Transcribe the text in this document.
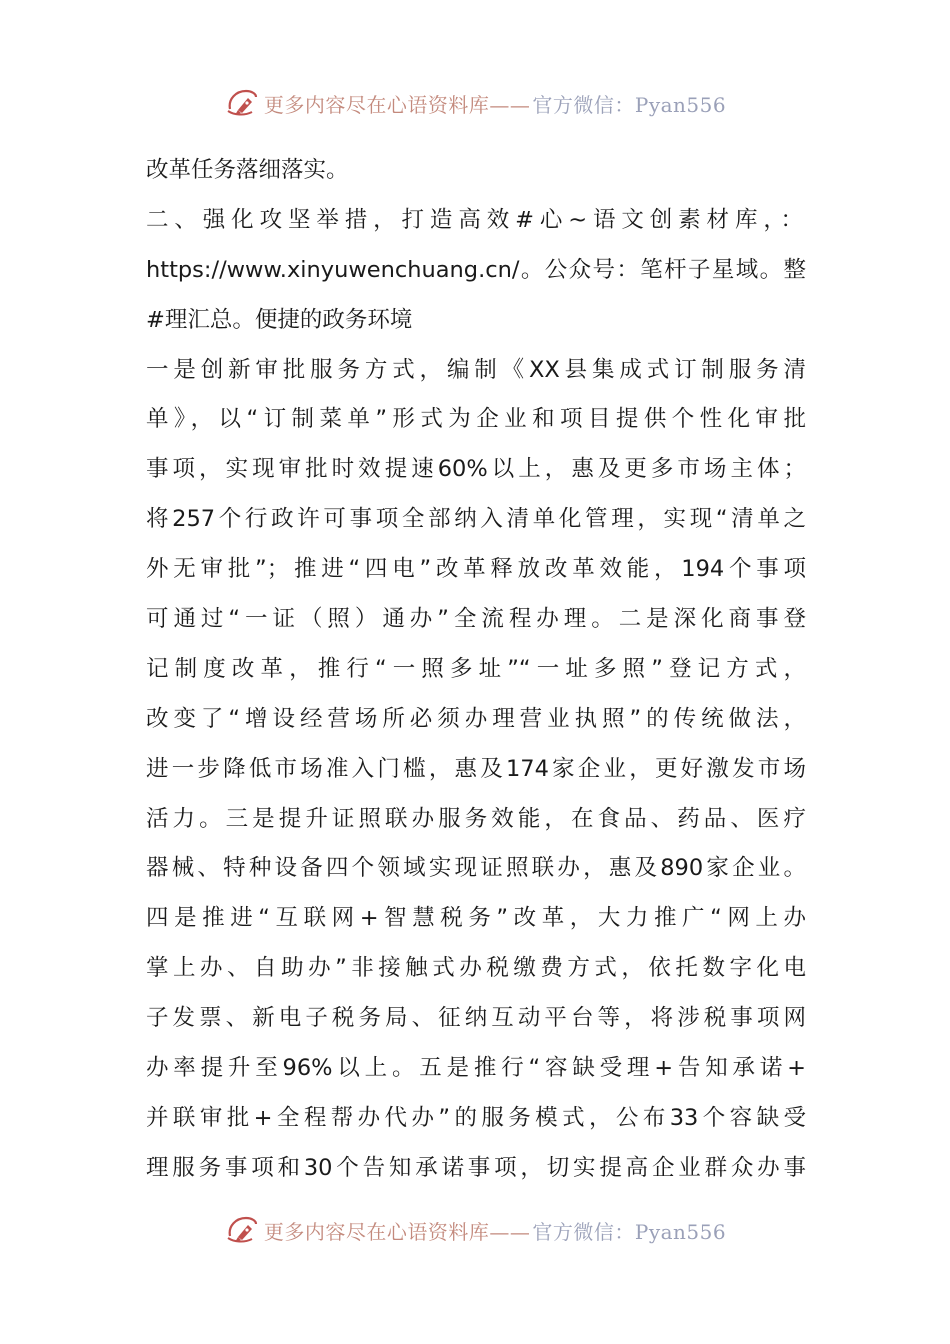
更多内容尽在心语资料库—— 官方微信：Pyan556
改革任务落细落实。
二、强化攻坚举措，打造高效#心~语文创素材库，：
https://www.xinyuwenchuang.cn/。公众号：笔杆子星域。整
#理汇总。便捷的政务环境
一是创新审批服务方式，编制《XX县集成式订制服务清
单》，以“订制菜单”形式为企业和项目提供个性化审批
事项，实现审批时效提速60%以上，惠及更多市场主体；
将257个行政许可事项全部纳入清单化管理，实现“清单之
外无审批”；推进“四电”改革释放改革效能，194个事项
可通过“一证（照）通办”全流程办理。二是深化商事登
记制度改革，推行“一照多址”“一址多照”登记方式，
改变了“增设经营场所必须办理营业执照”的传统做法，
进一步降低市场准入门槛，惠及174家企业，更好激发市场
活力。三是提升证照联办服务效能，在食品、药品、医疗
器械、特种设备四个领域实现证照联办，惠及890家企业。
四是推进“互联网+智慧税务”改革，大力推广“网上办
掌上办、自助办”非接触式办税缴费方式，依托数字化电
子发票、新电子税务局、征纳互动平台等，将涉税事项网
办率提升至96%以上。五是推行“容缺受理+告知承诺+
并联审批+全程帮办代办”的服务模式，公布33个容缺受
理服务事项和30个告知承诺事项，切实提高企业群众办事
更多内容尽在心语资料库—— 官方微信：Pyan556
